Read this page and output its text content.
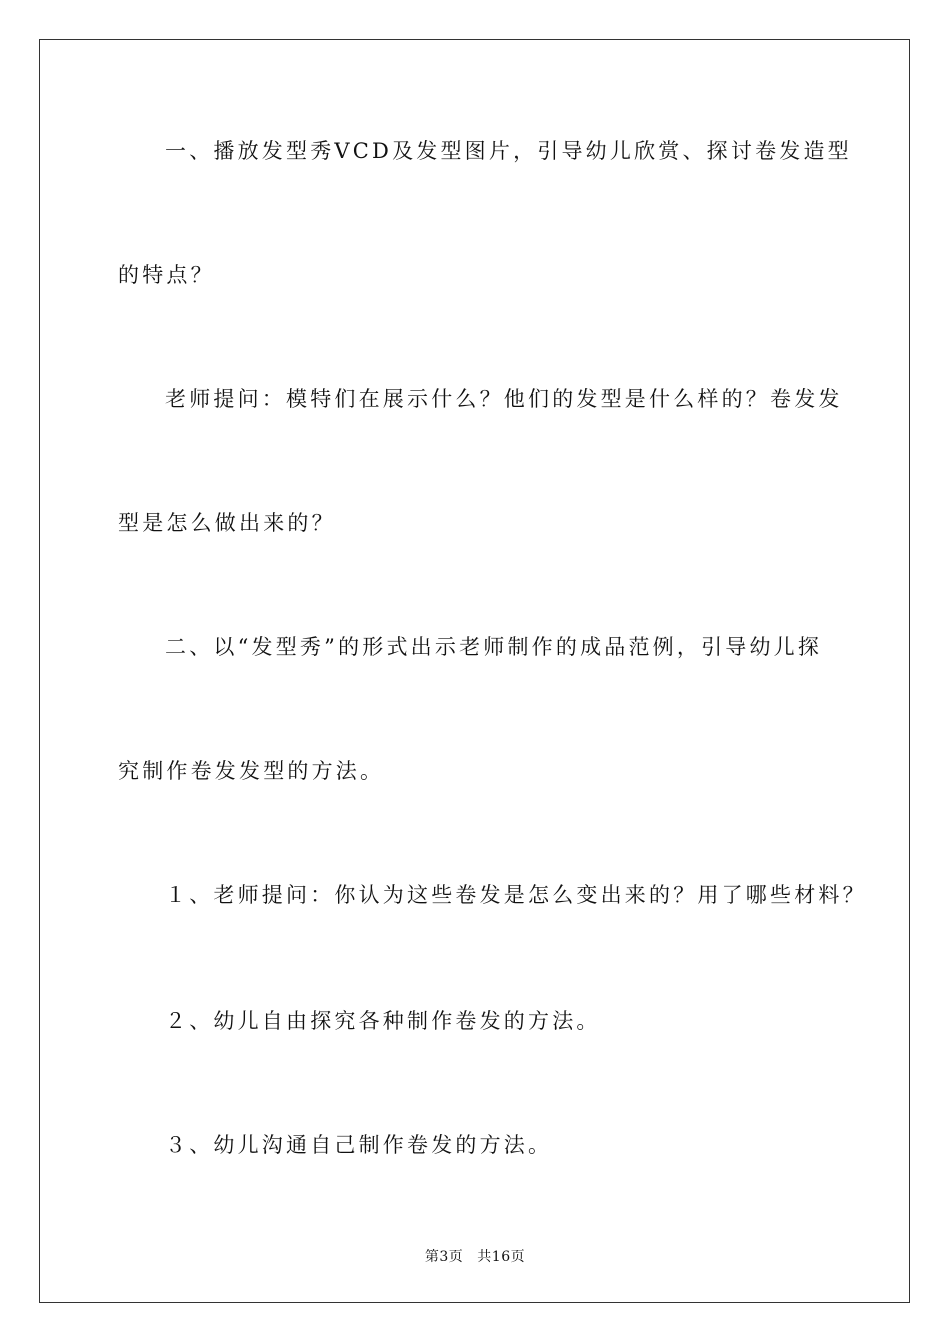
一、播放发型秀VCD及发型图片，引导幼儿欣赏、探讨卷发造型
的特点？
老师提问：模特们在展示什么？他们的发型是什么样的？卷发发
型是怎么做出来的？
二、以“发型秀”的形式出示老师制作的成品范例，引导幼儿探
究制作卷发发型的方法。
１、老师提问：你认为这些卷发是怎么变出来的？用了哪些材料？
２、幼儿自由探究各种制作卷发的方法。
３、幼儿沟通自己制作卷发的方法。
第3页 共16页
